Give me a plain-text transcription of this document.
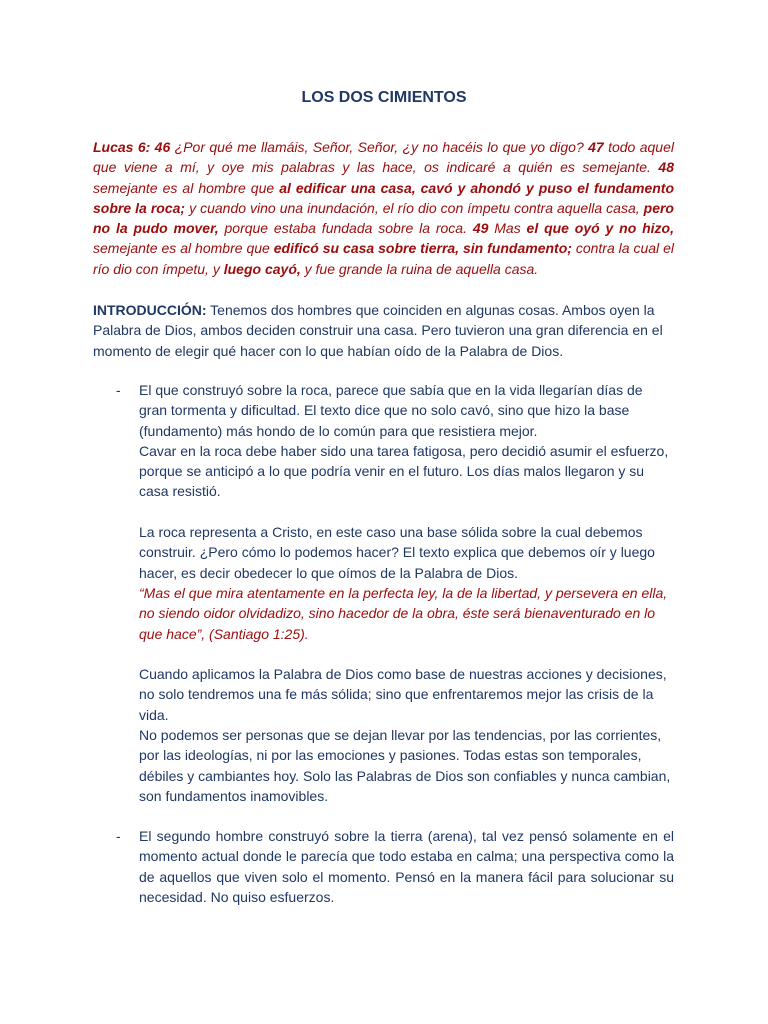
LOS DOS CIMIENTOS

Lucas 6: 46 ¿Por qué me llamáis, Señor, Señor, ¿y no hacéis lo que yo digo? 47 todo aquel que viene a mí, y oye mis palabras y las hace, os indicaré a quién es semejante. 48 semejante es al hombre que al edificar una casa, cavó y ahondó y puso el fundamento sobre la roca; y cuando vino una inundación, el río dio con ímpetu contra aquella casa, pero no la pudo mover, porque estaba fundada sobre la roca. 49 Mas el que oyó y no hizo, semejante es al hombre que edificó su casa sobre tierra, sin fundamento; contra la cual el río dio con ímpetu, y luego cayó, y fue grande la ruina de aquella casa.

INTRODUCCIÓN: Tenemos dos hombres que coinciden en algunas cosas. Ambos oyen la Palabra de Dios, ambos deciden construir una casa. Pero tuvieron una gran diferencia en el momento de elegir qué hacer con lo que habían oído de la Palabra de Dios.

- El que construyó sobre la roca, parece que sabía que en la vida llegarían días de gran tormenta y dificultad. El texto dice que no solo cavó, sino que hizo la base (fundamento) más hondo de lo común para que resistiera mejor.

Cavar en la roca debe haber sido una tarea fatigosa, pero decidió asumir el esfuerzo, porque se anticipó a lo que podría venir en el futuro. Los días malos llegaron y su casa resistió.

La roca representa a Cristo, en este caso una base sólida sobre la cual debemos construir. ¿Pero cómo lo podemos hacer? El texto explica que debemos oír y luego hacer, es decir obedecer lo que oímos de la Palabra de Dios.

“Mas el que mira atentamente en la perfecta ley, la de la libertad, y persevera en ella, no siendo oidor olvidadizo, sino hacedor de la obra, éste será bienaventurado en lo que hace”, (Santiago 1:25).

Cuando aplicamos la Palabra de Dios como base de nuestras acciones y decisiones, no solo tendremos una fe más sólida; sino que enfrentaremos mejor las crisis de la vida.

No podemos ser personas que se dejan llevar por las tendencias, por las corrientes, por las ideologías, ni por las emociones y pasiones. Todas estas son temporales, débiles y cambiantes hoy. Solo las Palabras de Dios son confiables y nunca cambian, son fundamentos inamovibles.

- El segundo hombre construyó sobre la tierra (arena), tal vez pensó solamente en el momento actual donde le parecía que todo estaba en calma; una perspectiva como la de aquellos que viven solo el momento. Pensó en la manera fácil para solucionar su necesidad. No quiso esfuerzos.
